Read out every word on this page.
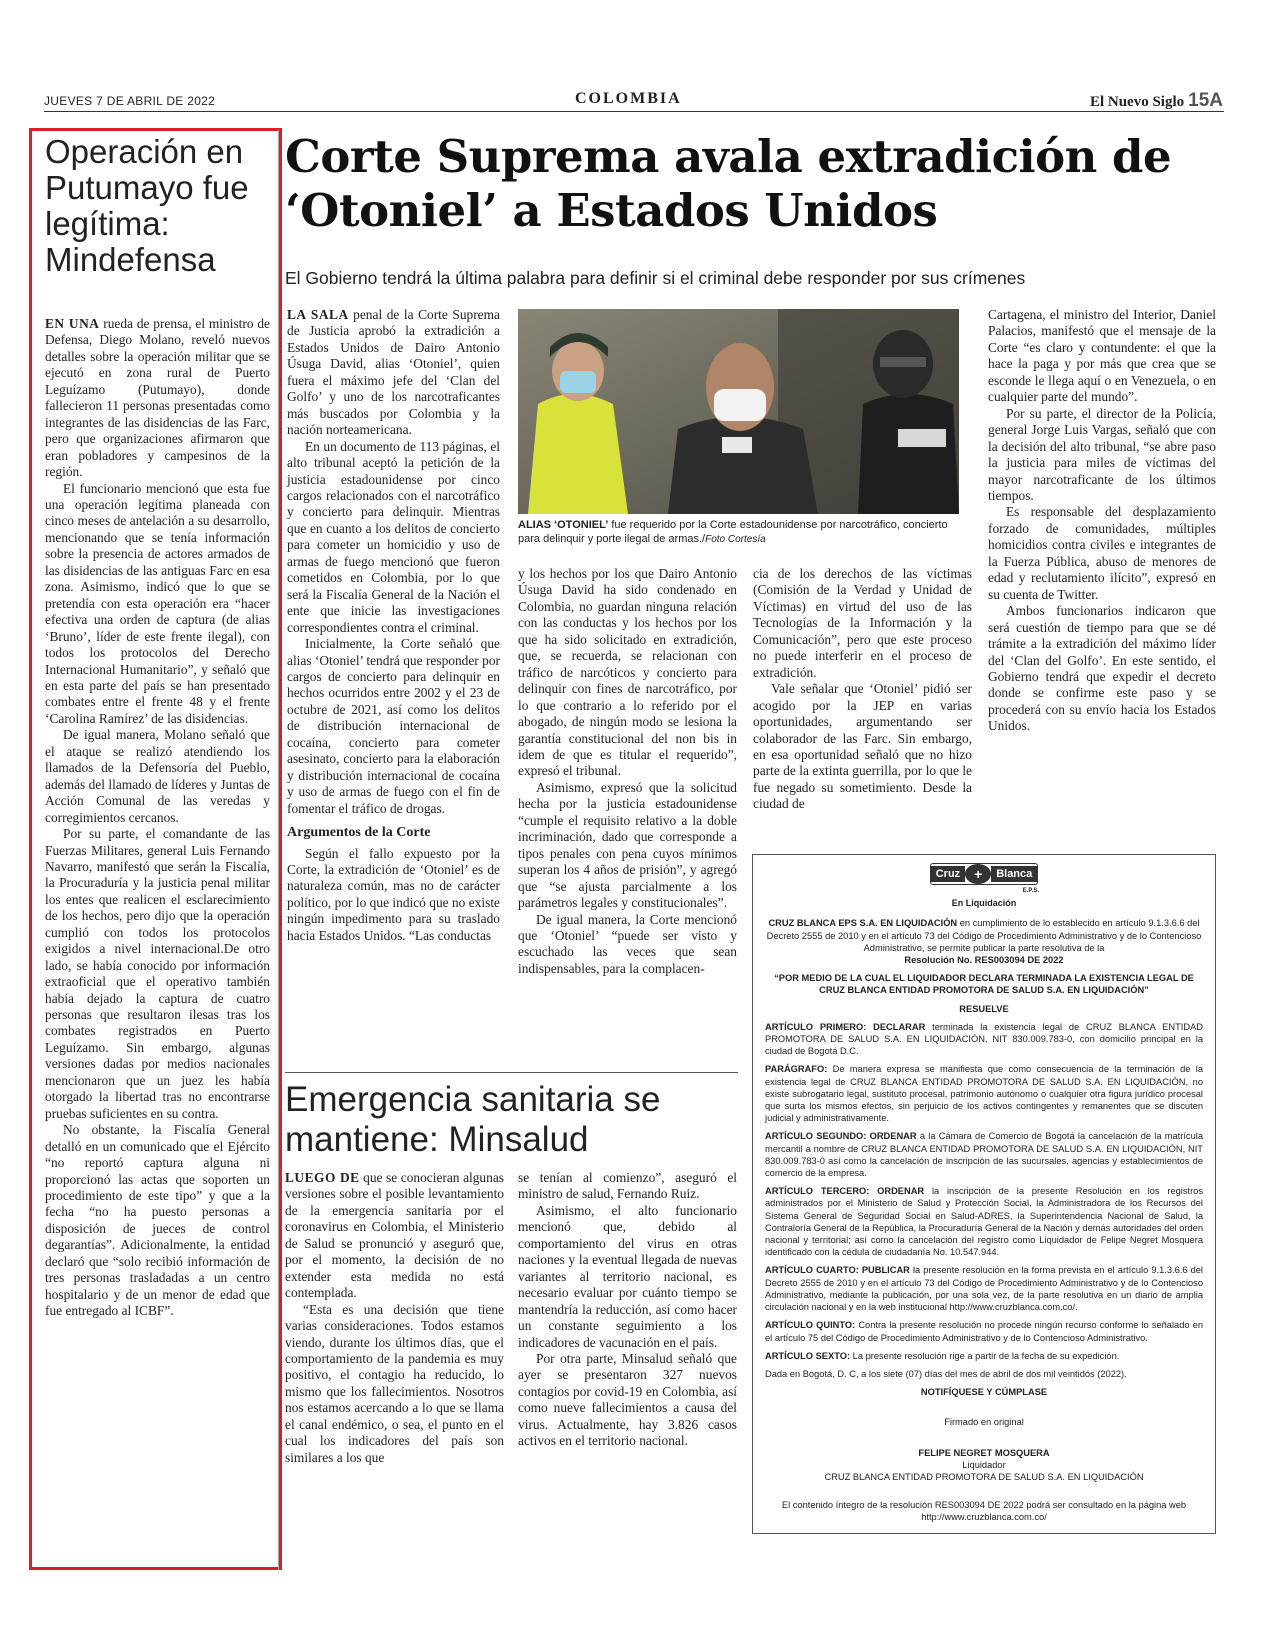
JUEVES 7 DE ABRIL DE 2022	COLOMBIA	El Nuevo Siglo 15A
Operación en Putumayo fue legítima: Mindefensa

EN UNA rueda de prensa, el ministro de Defensa, Diego Molano, reveló nuevos detalles sobre la operación militar que se ejecutó en zona rural de Puerto Leguízamo (Putumayo), donde fallecieron 11 personas presentadas como integrantes de las disidencias de las Farc, pero que organizaciones afirmaron que eran pobladores y campesinos de la región.

El funcionario mencionó que esta fue una operación legítima planeada con cinco meses de antelación a su desarrollo, mencionando que se tenía información sobre la presencia de actores armados de las disidencias de las antiguas Farc en esa zona. Asimismo, indicó que lo que se pretendía con esta operación era “hacer efectiva una orden de captura (de alias ‘Bruno’, líder de este frente ilegal), con todos los protocolos del Derecho Internacional Humanitario”, y señaló que en esta parte del país se han presentado combates entre el frente 48 y el frente ‘Carolina Ramírez’ de las disidencias.

De igual manera, Molano señaló que el ataque se realizó atendiendo los llamados de la Defensoría del Pueblo, además del llamado de líderes y Juntas de Acción Comunal de las veredas y corregimientos cercanos.

Por su parte, el comandante de las Fuerzas Militares, general Luis Fernando Navarro, manifestó que serán la Fiscalía, la Procuraduría y la justicia penal militar los entes que realicen el esclarecimiento de los hechos, pero dijo que la operación cumplió con todos los protocolos exigidos a nivel internacional.De otro lado, se había conocido por información extraoficial que el operativo también había dejado la captura de cuatro personas que resultaron ilesas tras los combates registrados en Puerto Leguízamo. Sin embargo, algunas versiones dadas por medios nacionales mencionaron que un juez les había otorgado la libertad tras no encontrarse pruebas suficientes en su contra.

No obstante, la Fiscalía General detalló en un comunicado que el Ejército “no reportó captura alguna ni proporcionó las actas que soporten un procedimiento de este tipo” y que a la fecha “no ha puesto personas a disposición de jueces de control degarantías”. Adicionalmente, la entidad declaró que “solo recibió información de tres personas trasladadas a un centro hospitalario y de un menor de edad que fue entregado al ICBF”.

Corte Suprema avala extradición de ‘Otoniel’ a Estados Unidos
El Gobierno tendrá la última palabra para definir si el criminal debe responder por sus crímenes

LA SALA penal de la Corte Suprema de Justicia aprobó la extradición a Estados Unidos de Dairo Antonio Úsuga David, alias ‘Otoniel’, quien fuera el máximo jefe del ‘Clan del Golfo’ y uno de los narcotraficantes más buscados por Colombia y la nación norteamericana.

En un documento de 113 páginas, el alto tribunal aceptó la petición de la justicia estadounidense por cinco cargos relacionados con el narcotráfico y concierto para delinquir. Mientras que en cuanto a los delitos de concierto para cometer un homicidio y uso de armas de fuego mencionó que fueron cometidos en Colombia, por lo que será la Fiscalía General de la Nación el ente que inicie las investigaciones correspondientes contra el criminal.

Inicialmente, la Corte señaló que alias ‘Otoniel’ tendrá que responder por cargos de concierto para delinquir en hechos ocurridos entre 2002 y el 23 de octubre de 2021, así como los delitos de distribución internacional de cocaína, concierto para cometer asesinato, concierto para la elaboración y distribución internacional de cocaína y uso de armas de fuego con el fin de fomentar el tráfico de drogas.

Argumentos de la Corte

Según el fallo expuesto por la Corte, la extradición de ‘Otoniel’ es de naturaleza común, mas no de carácter político, por lo que indicó que no existe ningún impedimento para su traslado hacia Estados Unidos. “Las conductas

ALIAS ‘OTONIEL’ fue requerido por la Corte estadounidense por narcotráfico, concierto para delinquir y porte ilegal de armas./Foto Cortesía

y los hechos por los que Dairo Antonio Úsuga David ha sido condenado en Colombia, no guardan ninguna relación con las conductas y los hechos por los que ha sido solicitado en extradición, que, se recuerda, se relacionan con tráfico de narcóticos y concierto para delinquir con fines de narcotráfico, por lo que contrario a lo referido por el abogado, de ningún modo se lesiona la garantía constitucional del non bis in idem de que es titular el requerido”, expresó el tribunal.

Asimismo, expresó que la solicitud hecha por la justicia estadounidense “cumple el requisito relativo a la doble incriminación, dado que corresponde a tipos penales con pena cuyos mínimos superan los 4 años de prisión”, y agregó que “se ajusta parcialmente a los parámetros legales y constitucionales”.

De igual manera, la Corte mencionó que ‘Otoniel’ “puede ser visto y escuchado las veces que sean indispensables, para la complacen-

cia de los derechos de las víctimas (Comisión de la Verdad y Unidad de Víctimas) en virtud del uso de las Tecnologías de la Información y la Comunicación”, pero que este proceso no puede interferir en el proceso de extradición.

Vale señalar que ‘Otoniel’ pidió ser acogido por la JEP en varias oportunidades, argumentando ser colaborador de las Farc. Sin embargo, en esa oportunidad señaló que no hizo parte de la extinta guerrilla, por lo que le fue negado su sometimiento. Desde la ciudad de

Cartagena, el ministro del Interior, Daniel Palacios, manifestó que el mensaje de la Corte “es claro y contundente: el que la hace la paga y por más que crea que se esconde le llega aquí o en Venezuela, o en cualquier parte del mundo”.

Por su parte, el director de la Policía, general Jorge Luis Vargas, señaló que con la decisión del alto tribunal, “se abre paso la justicia para miles de víctimas del mayor narcotraficante de los últimos tiempos.

Es responsable del desplazamiento forzado de comunidades, múltiples homicidios contra civiles e integrantes de la Fuerza Pública, abuso de menores de edad y reclutamiento ilícito”, expresó en su cuenta de Twitter.

Ambos funcionarios indicaron que será cuestión de tiempo para que se dé trámite a la extradición del máximo líder del ‘Clan del Golfo’. En este sentido, el Gobierno tendrá que expedir el decreto donde se confirme este paso y se procederá con su envío hacia los Estados Unidos.

Emergencia sanitaria se mantiene: Minsalud

LUEGO DE que se conocieran algunas versiones sobre el posible levantamiento de la emergencia sanitaria por el coronavirus en Colombia, el Ministerio de Salud se pronunció y aseguró que, por el momento, la decisión de no extender esta medida no está contemplada.

“Esta es una decisión que tiene varias consideraciones. Todos estamos viendo, durante los últimos días, que el comportamiento de la pandemia es muy positivo, el contagio ha reducido, lo mismo que los fallecimientos. Nosotros nos estamos acercando a lo que se llama el canal endémico, o sea, el punto en el cual los indicadores del país son similares a los que

se tenían al comienzo”, aseguró el ministro de salud, Fernando Ruiz.

Asimismo, el alto funcionario mencionó que, debido al comportamiento del virus en otras naciones y la eventual llegada de nuevas variantes al territorio nacional, es necesario evaluar por cuánto tiempo se mantendría la reducción, así como hacer un constante seguimiento a los indicadores de vacunación en el país.

Por otra parte, Minsalud señaló que ayer se presentaron 327 nuevos contagios por covid-19 en Colombia, así como nueve fallecimientos a causa del virus. Actualmente, hay 3.826 casos activos en el territorio nacional.

Cruz +	Blanca
E.P.S.
En Liquidación

CRUZ BLANCA EPS S.A. EN LIQUIDACIÓN en cumplimiento de lo establecido en artículo 9.1.3.6.6 del Decreto 2555 de 2010 y en el artículo 73 del Código de Procedimiento Administrativo y de lo Contencioso Administrativo, se permite publicar la parte resolutiva de la
Resolución No. RES003094 DE 2022

“POR MEDIO DE LA CUAL EL LIQUIDADOR DECLARA TERMINADA LA EXISTENCIA LEGAL DE CRUZ BLANCA ENTIDAD PROMOTORA DE SALUD S.A. EN LIQUIDACIÓN”

RESUELVE

ARTÍCULO PRIMERO: DECLARAR terminada la existencia legal de CRUZ BLANCA ENTIDAD PROMOTORA DE SALUD S.A. EN LIQUIDACIÓN, NIT 830.009.783-0, con domicilio principal en la ciudad de Bogotá D.C.

PARÁGRAFO: De manera expresa se manifiesta que como consecuencia de la terminación de la existencia legal de CRUZ BLANCA ENTIDAD PROMOTORA DE SALUD S.A. EN LIQUIDACIÓN, no existe subrogatario legal, sustituto procesal, patrimonio autónomo o cualquier otra figura jurídico procesal que surta los mismos efectos, sin perjuicio de los activos contingentes y remanentes que se discuten judicial y administrativamente.

ARTÍCULO SEGUNDO: ORDENAR a la Cámara de Comercio de Bogotá la cancelación de la matrícula mercantil a nombre de CRUZ BLANCA ENTIDAD PROMOTORA DE SALUD S.A. EN LIQUIDACIÓN, NIT 830.009.783-0 así como la cancelación de inscripción de las sucursales, agencias y establecimientos de comercio de la empresa.

ARTÍCULO TERCERO: ORDENAR la inscripción de la presente Resolución en los registros administrados por el Ministerio de Salud y Protección Social, la Administradora de los Recursos del Sistema General de Seguridad Social en Salud-ADRES, la Superintendencia Nacional de Salud, la Contraloría General de la República, la Procuraduría General de la Nación y demás autoridades del orden nacional y territorial; así como la cancelación del registro como Liquidador de Felipe Negret Mosquera identificado con la cédula de ciudadanía No. 10.547.944.

ARTÍCULO CUARTO: PUBLICAR la presente resolución en la forma prevista en el artículo 9.1.3.6.6 del Decreto 2555 de 2010 y en el artículo 73 del Código de Procedimiento Administrativo y de lo Contencioso Administrativo, mediante la publicación, por una sola vez, de la parte resolutiva en un diario de amplia circulación nacional y en la web institucional http://www.cruzblanca.com.co/.

ARTÍCULO QUINTO: Contra la presente resolución no procede ningún recurso conforme lo señalado en el artículo 75 del Código de Procedimiento Administrativo y de lo Contencioso Administrativo.

ARTÍCULO SEXTO: La presente resolución rige a partir de la fecha de su expedición.

Dada en Bogotá, D. C, a los siete (07) días del mes de abril de dos mil veintidós (2022).

NOTIFÍQUESE Y CÚMPLASE

Firmado en original

FELIPE NEGRET MOSQUERA

Liquidador

CRUZ BLANCA ENTIDAD PROMOTORA DE SALUD S.A. EN LIQUIDACIÓN

El contenido íntegro de la resolución RES003094 DE 2022 podrá ser consultado en la página web http://www.cruzblanca.com.co/
